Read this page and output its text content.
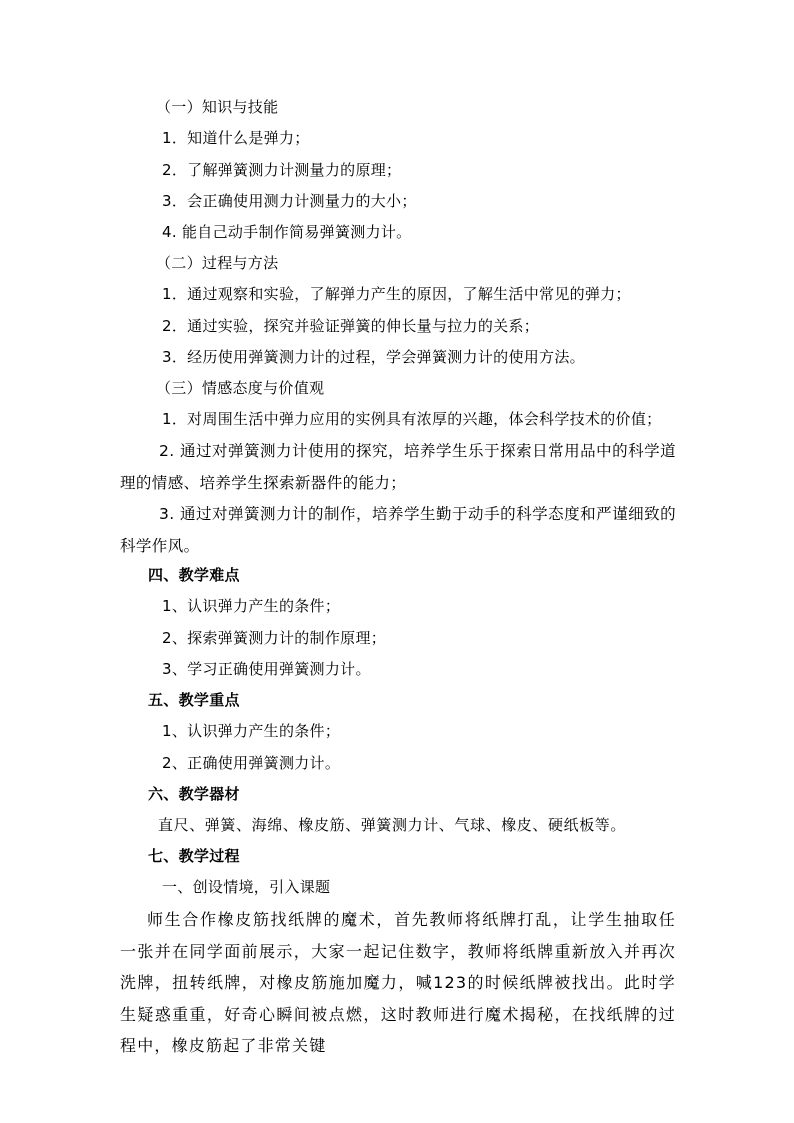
（一）知识与技能
1．知道什么是弹力；
2．了解弹簧测力计测量力的原理；
3．会正确使用测力计测量力的大小；
4. 能自己动手制作简易弹簧测力计。
（二）过程与方法
1．通过观察和实验，了解弹力产生的原因，了解生活中常见的弹力；
2．通过实验，探究并验证弹簧的伸长量与拉力的关系；
3．经历使用弹簧测力计的过程，学会弹簧测力计的使用方法。
（三）情感态度与价值观
1．对周围生活中弹力应用的实例具有浓厚的兴趣，体会科学技术的价值；
2. 通过对弹簧测力计使用的探究，培养学生乐于探索日常用品中的科学道理的情感、培养学生探索新器件的能力；
3. 通过对弹簧测力计的制作，培养学生勤于动手的科学态度和严谨细致的科学作风。
四、教学难点
1、认识弹力产生的条件；
2、探索弹簧测力计的制作原理；
3、学习正确使用弹簧测力计。
五、教学重点
1、认识弹力产生的条件；
2、正确使用弹簧测力计。
六、教学器材
直尺、弹簧、海绵、橡皮筋、弹簧测力计、气球、橡皮、硬纸板等。
七、教学过程
一、创设情境，引入课题
师生合作橡皮筋找纸牌的魔术，首先教师将纸牌打乱，让学生抽取任一张并在同学面前展示，大家一起记住数字，教师将纸牌重新放入并再次洗牌，扭转纸牌，对橡皮筋施加魔力，喊123的时候纸牌被找出。此时学生疑惑重重，好奇心瞬间被点燃，这时教师进行魔术揭秘，在找纸牌的过程中，橡皮筋起了非常关键
